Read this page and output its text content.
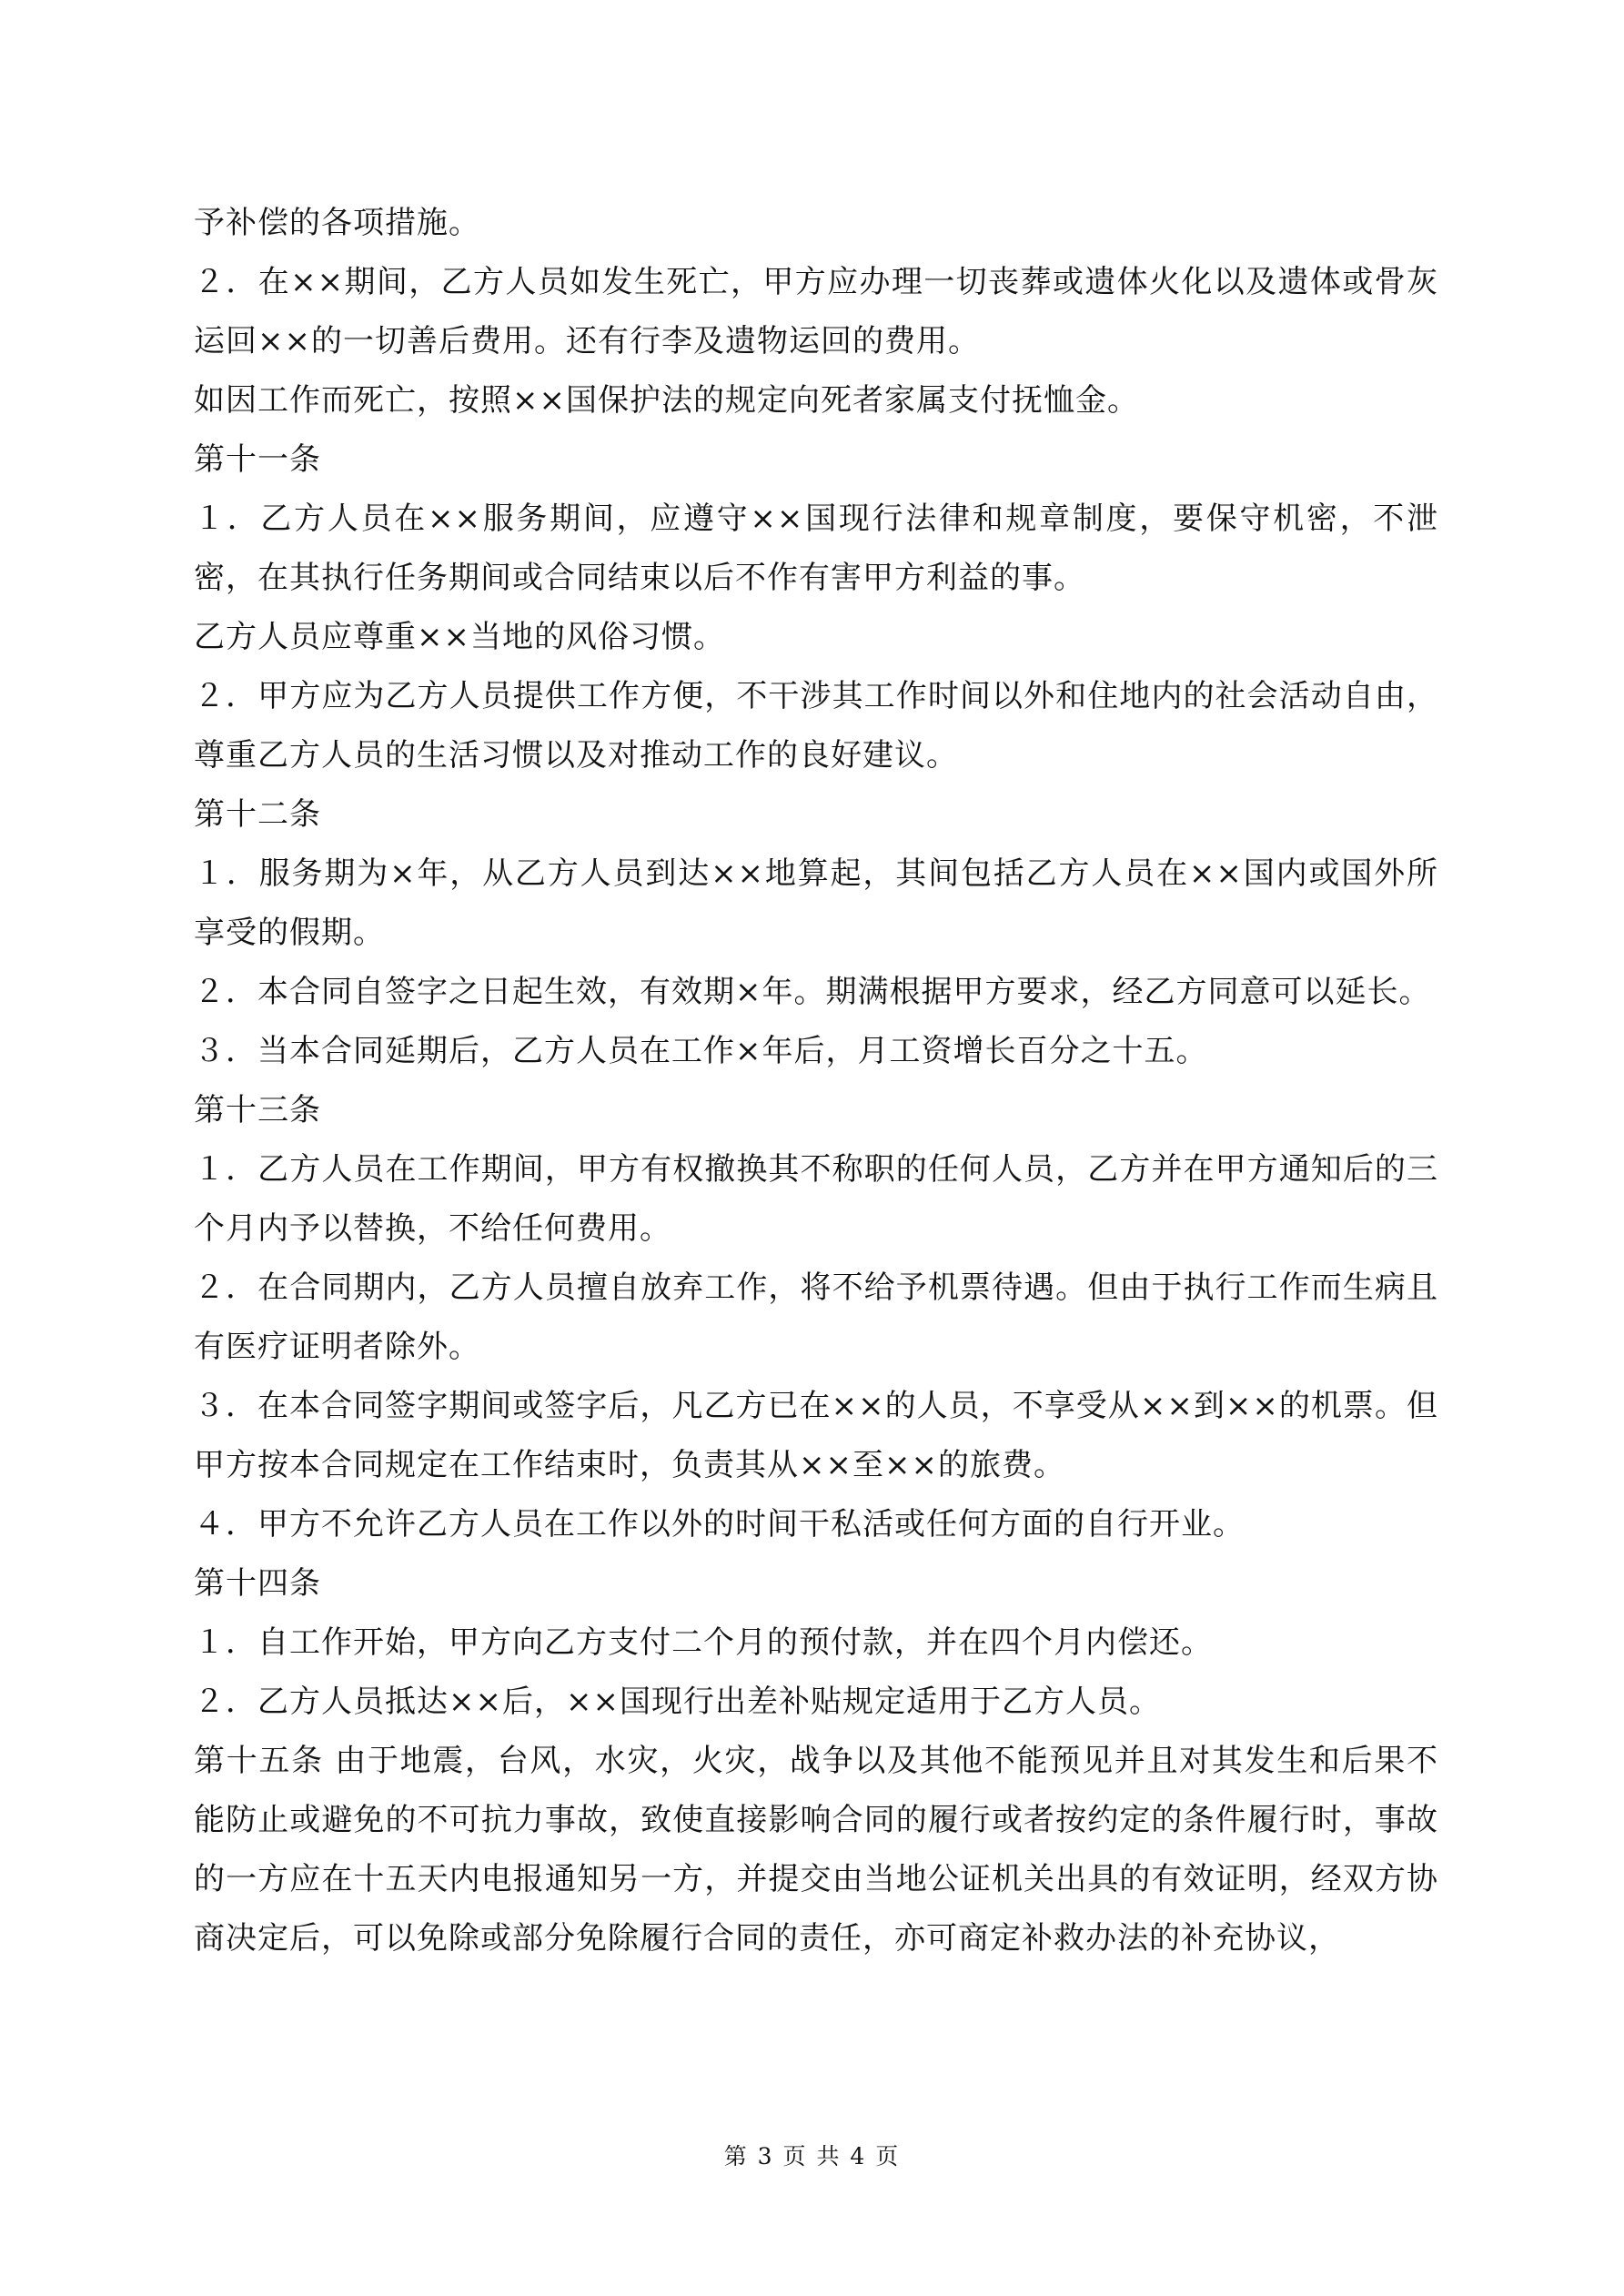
予补偿的各项措施。

２．在××期间，乙方人员如发生死亡，甲方应办理一切丧葬或遗体火化以及遗体或骨灰运回××的一切善后费用。还有行李及遗物运回的费用。

如因工作而死亡，按照××国保护法的规定向死者家属支付抚恤金。

第十一条

１．乙方人员在××服务期间，应遵守××国现行法律和规章制度，要保守机密，不泄密，在其执行任务期间或合同结束以后不作有害甲方利益的事。

乙方人员应尊重××当地的风俗习惯。

２．甲方应为乙方人员提供工作方便，不干涉其工作时间以外和住地内的社会活动自由，尊重乙方人员的生活习惯以及对推动工作的良好建议。

第十二条

１．服务期为×年，从乙方人员到达××地算起，其间包括乙方人员在××国内或国外所享受的假期。

２．本合同自签字之日起生效，有效期×年。期满根据甲方要求，经乙方同意可以延长。

３．当本合同延期后，乙方人员在工作×年后，月工资增长百分之十五。

第十三条

１．乙方人员在工作期间，甲方有权撤换其不称职的任何人员，乙方并在甲方通知后的三个月内予以替换，不给任何费用。

２．在合同期内，乙方人员擅自放弃工作，将不给予机票待遇。但由于执行工作而生病且有医疗证明者除外。

３．在本合同签字期间或签字后，凡乙方已在××的人员，不享受从××到××的机票。但甲方按本合同规定在工作结束时，负责其从××至××的旅费。

４．甲方不允许乙方人员在工作以外的时间干私活或任何方面的自行开业。

第十四条

１．自工作开始，甲方向乙方支付二个月的预付款，并在四个月内偿还。

２．乙方人员抵达××后，××国现行出差补贴规定适用于乙方人员。

第十五条 由于地震，台风，水灾，火灾，战争以及其他不能预见并且对其发生和后果不能防止或避免的不可抗力事故，致使直接影响合同的履行或者按约定的条件履行时，事故的一方应在十五天内电报通知另一方，并提交由当地公证机关出具的有效证明，经双方协商决定后，可以免除或部分免除履行合同的责任，亦可商定补救办法的补充协议，

第 3 页 共 4 页
